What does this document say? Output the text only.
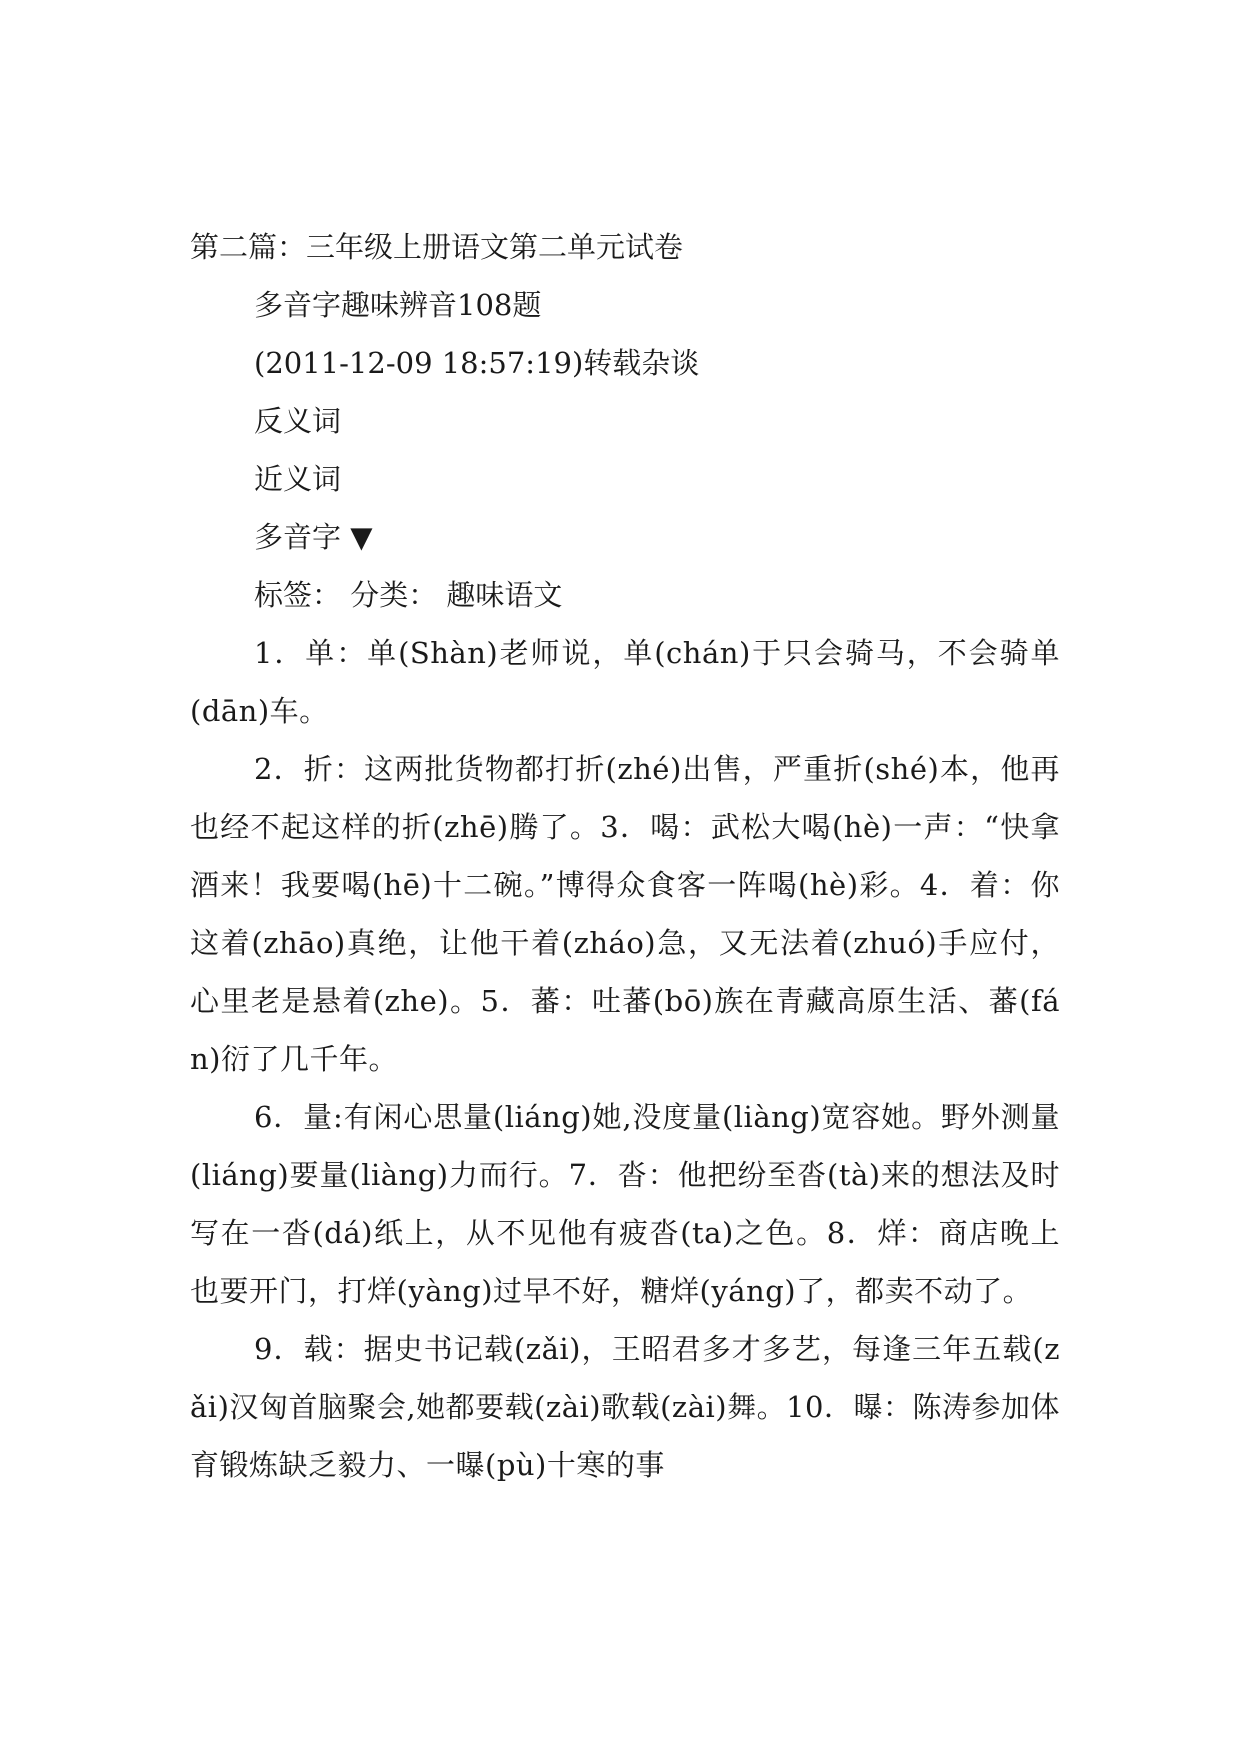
第二篇：三年级上册语文第二单元试卷
多音字趣味辨音108题
(2011-12-09 18:57:19)转载杂谈
反义词
近义词
多音字 ▼
标签： 分类： 趣味语文

1．单：单(Shàn)老师说，单(chán)于只会骑马，不会骑单(dān)车。

2．折：这两批货物都打折(zhé)出售，严重折(shé)本，他再也经不起这样的折(zhē)腾了。3．喝：武松大喝(hè)一声：“快拿酒来！我要喝(hē)十二碗。”博得众食客一阵喝(hè)彩。4．着：你这着(zhāo)真绝，让他干着(zháo)急，又无法着(zhuó)手应付，心里老是悬着(zhe)。5．蕃：吐蕃(bō)族在青藏高原生活、蕃(fán)衍了几千年。

6．量:有闲心思量(liáng)她,没度量(liàng)宽容她。野外测量(liáng)要量(liàng)力而行。7．沓：他把纷至沓(tà)来的想法及时写在一沓(dá)纸上，从不见他有疲沓(ta)之色。8．烊：商店晚上也要开门，打烊(yàng)过早不好，糖烊(yáng)了，都卖不动了。

9．载：据史书记载(zǎi)，王昭君多才多艺，每逢三年五载(zǎi)汉匈首脑聚会,她都要载(zài)歌载(zài)舞。10．曝：陈涛参加体育锻炼缺乏毅力、一曝(pù)十寒的事
